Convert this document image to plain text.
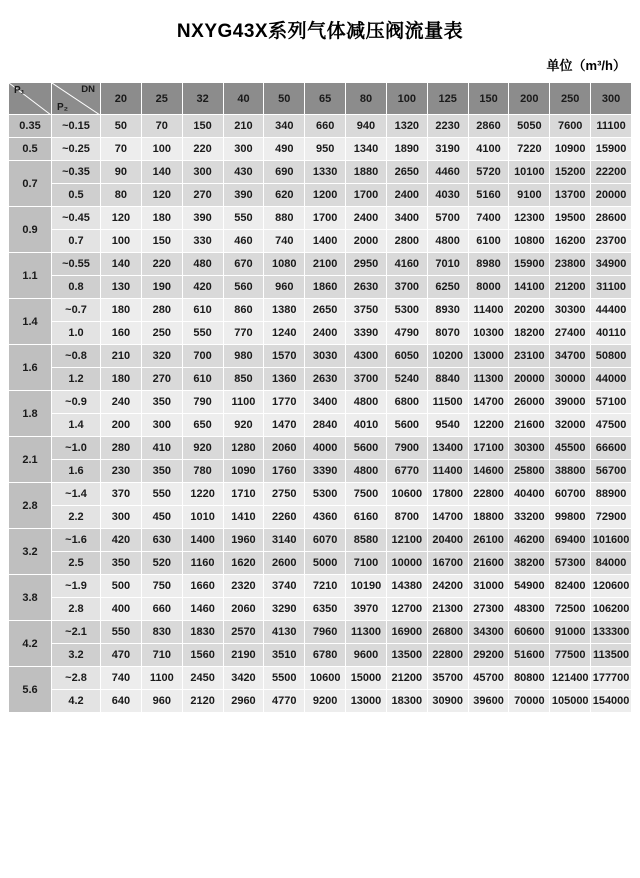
NXYG43X系列气体减压阀流量表
单位（m³/h）
P₁	DN
P₂	20	25	32	40	50	65	80	100	125	150	200	250	300
0.35	~0.15	50	70	150	210	340	660	940	1320	2230	2860	5050	7600	11100
0.5	~0.25	70	100	220	300	490	950	1340	1890	3190	4100	7220	10900	15900
0.7	~0.35	90	140	300	430	690	1330	1880	2650	4460	5720	10100	15200	22200
	0.5	80	120	270	390	620	1200	1700	2400	4030	5160	9100	13700	20000
0.9	~0.45	120	180	390	550	880	1700	2400	3400	5700	7400	12300	19500	28600
	0.7	100	150	330	460	740	1400	2000	2800	4800	6100	10800	16200	23700
1.1	~0.55	140	220	480	670	1080	2100	2950	4160	7010	8980	15900	23800	34900
	0.8	130	190	420	560	960	1860	2630	3700	6250	8000	14100	21200	31100
1.4	~0.7	180	280	610	860	1380	2650	3750	5300	8930	11400	20200	30300	44400
	1.0	160	250	550	770	1240	2400	3390	4790	8070	10300	18200	27400	40110
1.6	~0.8	210	320	700	980	1570	3030	4300	6050	10200	13000	23100	34700	50800
	1.2	180	270	610	850	1360	2630	3700	5240	8840	11300	20000	30000	44000
1.8	~0.9	240	350	790	1100	1770	3400	4800	6800	11500	14700	26000	39000	57100
	1.4	200	300	650	920	1470	2840	4010	5600	9540	12200	21600	32000	47500
2.1	~1.0	280	410	920	1280	2060	4000	5600	7900	13400	17100	30300	45500	66600
	1.6	230	350	780	1090	1760	3390	4800	6770	11400	14600	25800	38800	56700
2.8	~1.4	370	550	1220	1710	2750	5300	7500	10600	17800	22800	40400	60700	88900
	2.2	300	450	1010	1410	2260	4360	6160	8700	14700	18800	33200	99800	72900
3.2	~1.6	420	630	1400	1960	3140	6070	8580	12100	20400	26100	46200	69400	101600
	2.5	350	520	1160	1620	2600	5000	7100	10000	16700	21600	38200	57300	84000
3.8	~1.9	500	750	1660	2320	3740	7210	10190	14380	24200	31000	54900	82400	120600
	2.8	400	660	1460	2060	3290	6350	3970	12700	21300	27300	48300	72500	106200
4.2	~2.1	550	830	1830	2570	4130	7960	11300	16900	26800	34300	60600	91000	133300
	3.2	470	710	1560	2190	3510	6780	9600	13500	22800	29200	51600	77500	113500
5.6	~2.8	740	1100	2450	3420	5500	10600	15000	21200	35700	45700	80800	121400	177700
	4.2	640	960	2120	2960	4770	9200	13000	18300	30900	39600	70000	105000	154000
